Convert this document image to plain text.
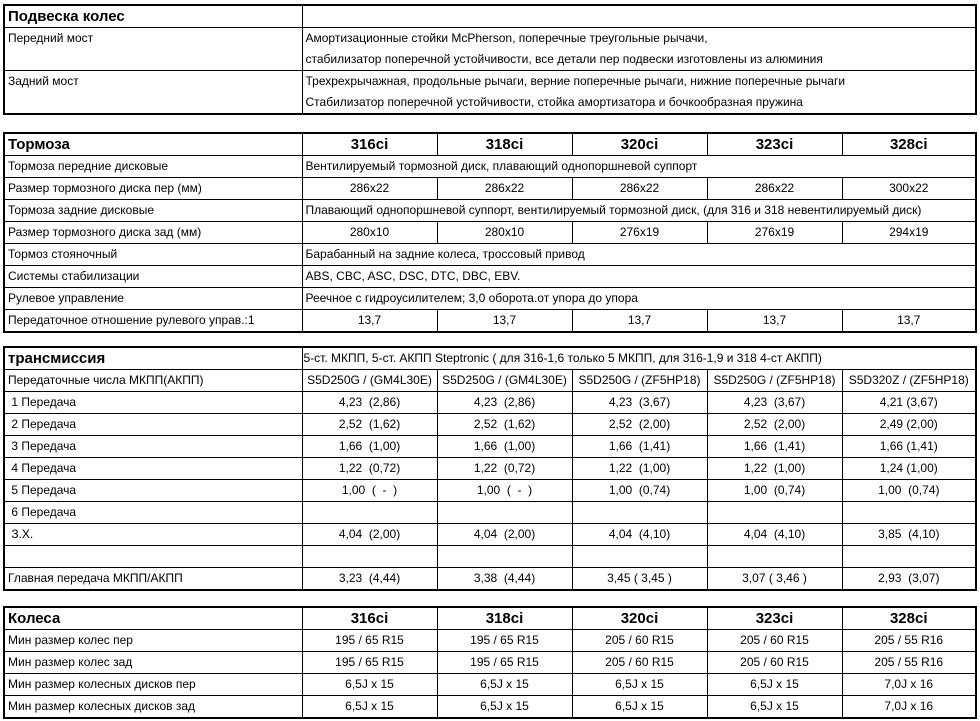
Подвеска колес	
Передний мост	Амортизационные стойки McPherson, поперечные треугольные рычачи,
	стабилизатор поперечной устойчивости, все детали пер подвески изготовлены из алюминия
Задний мост	Трехрехрычажная, продольные рычаги, верние поперечные рычаги, нижние поперечные рычаги
	Стабилизатор поперечной устойчивости, стойка амортизатора и бочкообразная пружина
Тормоза	316ci	318ci	320ci	323ci	328ci
Тормоза передние дисковые	Вентилируемый тормозной диск, плавающий однопоршневой суппорт				
Размер тормозного диска пер (мм)	286x22	286x22	286x22	286x22	300x22
Тормоза задние дисковые	Плавающий однопоршневой суппорт, вентилируемый тормозной диск, (для 316 и 318 невентилируемый диск)				
Размер тормозного диска зад (мм)	280x10	280x10	276x19	276x19	294x19
Тормоз стояночный	Барабанный на задние колеса, троссовый привод				
Системы стабилизации	ABS, CBC, ASC, DSC, DTC, DBC, EBV.				
Рулевое управление	Реечное с гидроусилителем; 3,0 оборота.от упора до упора				
Передаточное отношение рулевого управ.:1	13,7	13,7	13,7	13,7	13,7
трансмиссия	5-ст. МКПП, 5-ст. АКПП Steptronic ( для 316-1,6 только 5 МКПП, для 316-1,9 и 318 4-ст АКПП)				
Передаточные числа МКПП(АКПП)	S5D250G / (GM4L30E)	S5D250G / (GM4L30E)	S5D250G / (ZF5HP18)	S5D250G / (ZF5HP18)	S5D320Z / (ZF5HP18)
1 Передача	4,23  (2,86)	4,23  (2,86)	4,23  (3,67)	4,23  (3,67)	4,21 (3,67)
2 Передача	2,52  (1,62)	2,52  (1,62)	2,52  (2,00)	2,52  (2,00)	2,49 (2,00)
3 Передача	1,66  (1,00)	1,66  (1,00)	1,66  (1,41)	1,66  (1,41)	1,66 (1,41)
4 Передача	1,22  (0,72)	1,22  (0,72)	1,22  (1,00)	1,22  (1,00)	1,24 (1,00)
5 Передача	1,00  (  -  )	1,00  (  -  )	1,00  (0,74)	1,00  (0,74)	1,00  (0,74)
6 Передача					
З.Х.	4,04  (2,00)	4,04  (2,00)	4,04  (4,10)	4,04  (4,10)	3,85  (4,10)

Главная передача МКПП/АКПП	3,23  (4,44)	3,38  (4,44)	3,45 ( 3,45 )	3,07 ( 3,46 )	2,93  (3,07)
Колеса	316ci	318ci	320ci	323ci	328ci
Мин размер колес пер	195 / 65 R15	195 / 65 R15	205 / 60 R15	205 / 60 R15	205 / 55 R16
Мин размер колес зад	195 / 65 R15	195 / 65 R15	205 / 60 R15	205 / 60 R15	205 / 55 R16
Мин размер колесных дисков пер	6,5J x 15	6,5J x 15	6,5J x 15	6,5J x 15	7,0J x 16
Мин размер колесных дисков зад	6,5J x 15	6,5J x 15	6,5J x 15	6,5J x 15	7,0J x 16
